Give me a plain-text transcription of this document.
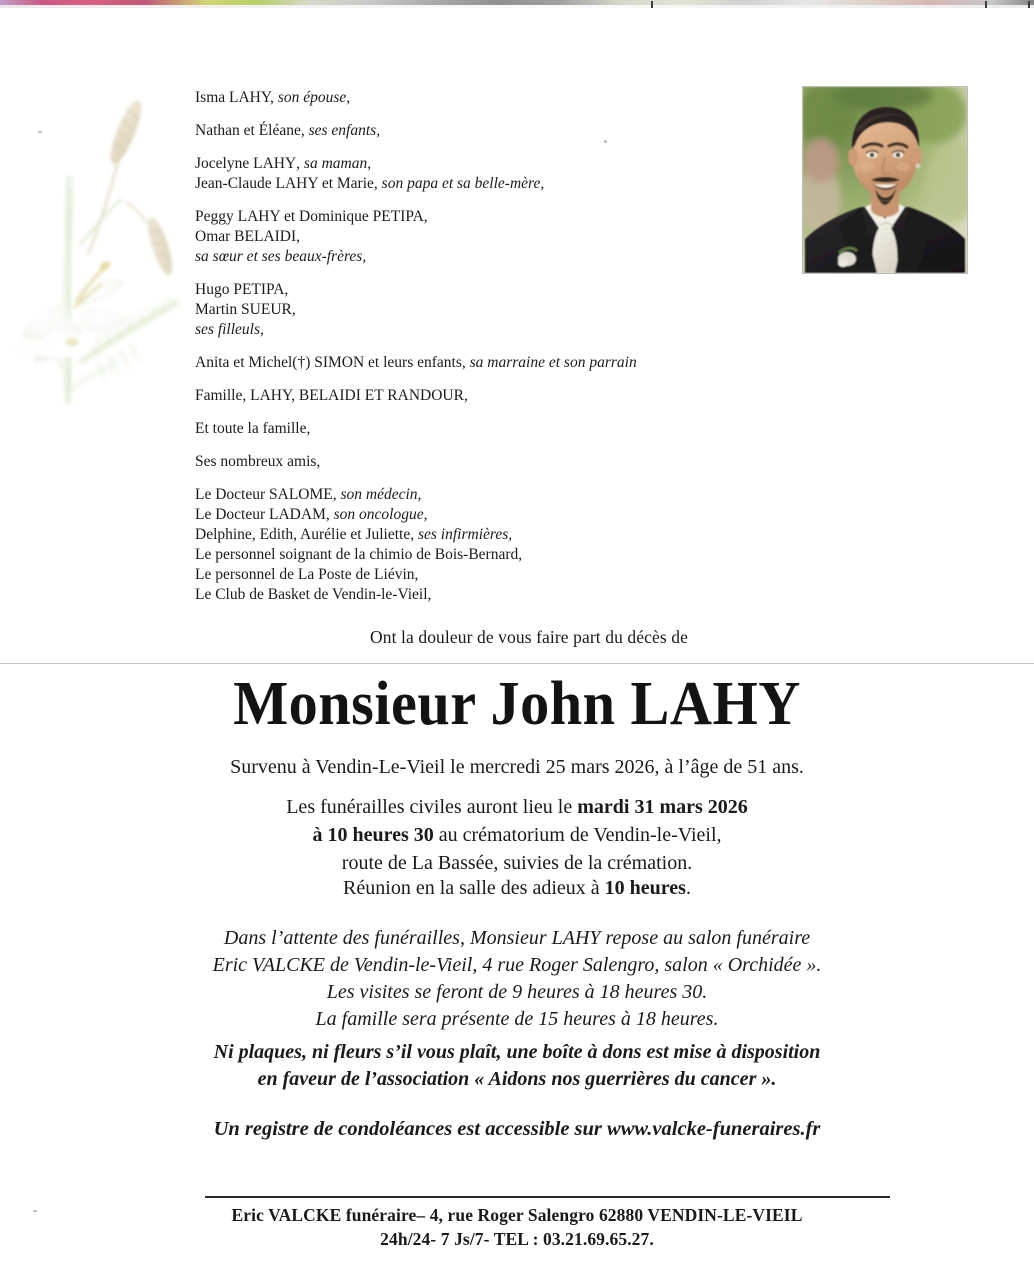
Isma LAHY, son épouse,
Nathan et Éléane, ses enfants,
Jocelyne LAHY, sa maman,
Jean-Claude LAHY et Marie, son papa et sa belle-mère,
Peggy LAHY et Dominique PETIPA,
Omar BELAIDI,
sa sœur et ses beaux-frères,
Hugo PETIPA,
Martin SUEUR,
ses filleuls,
Anita et Michel(†) SIMON et leurs enfants, sa marraine et son parrain
Famille, LAHY, BELAIDI ET RANDOUR,
Et toute la famille,
Ses nombreux amis,
Le Docteur SALOME, son médecin,
Le Docteur LADAM, son oncologue,
Delphine, Edith, Aurélie et Juliette, ses infirmières,
Le personnel soignant de la chimio de Bois-Bernard,
Le personnel de La Poste de Liévin,
Le Club de Basket de Vendin-le-Vieil,
Ont la douleur de vous faire part du décès de
Monsieur John LAHY
Survenu à Vendin-Le-Vieil le mercredi 25 mars 2026, à l’âge de 51 ans.
Les funérailles civiles auront lieu le mardi 31 mars 2026
à 10 heures 30 au crématorium de Vendin-le-Vieil,
route de La Bassée, suivies de la crémation.
Réunion en la salle des adieux à 10 heures.
Dans l’attente des funérailles, Monsieur LAHY repose au salon funéraire
Eric VALCKE de Vendin-le-Vieil, 4 rue Roger Salengro, salon « Orchidée ».
Les visites se feront de 9 heures à 18 heures 30.
La famille sera présente de 15 heures à 18 heures.
Ni plaques, ni fleurs s’il vous plaît, une boîte à dons est mise à disposition
en faveur de l’association « Aidons nos guerrières du cancer ».
Un registre de condoléances est accessible sur www.valcke-funeraires.fr
Eric VALCKE funéraire– 4, rue Roger Salengro 62880 VENDIN-LE-VIEIL
24h/24- 7 Js/7- TEL : 03.21.69.65.27.
